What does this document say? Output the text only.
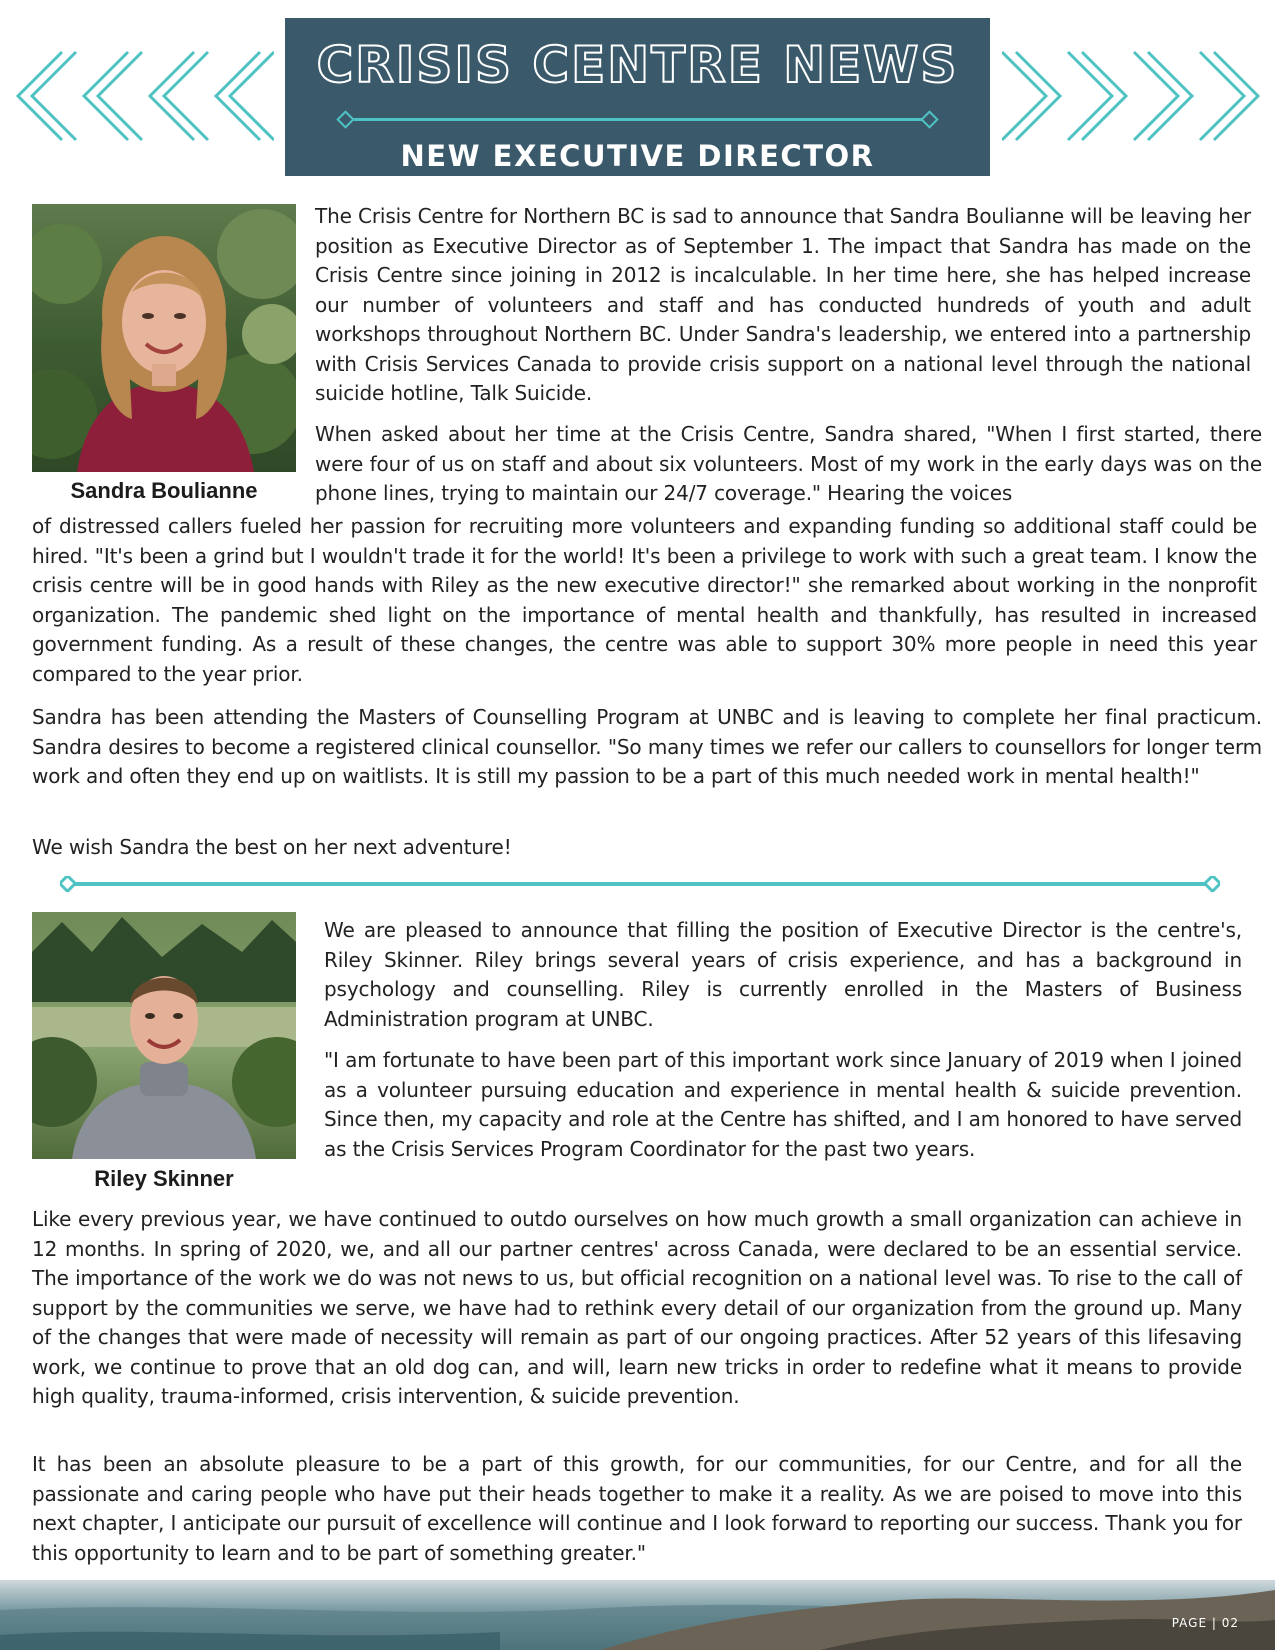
CRISIS CENTRE NEWS
NEW EXECUTIVE DIRECTOR
Sandra Boulianne

The Crisis Centre for Northern BC is sad to announce that Sandra Boulianne will be leaving her position as Executive Director as of September 1. The impact that Sandra has made on the Crisis Centre since joining in 2012 is incalculable. In her time here, she has helped increase our number of volunteers and staff and has conducted hundreds of youth and adult workshops throughout Northern BC. Under Sandra's leadership, we entered into a partnership with Crisis Services Canada to provide crisis support on a national level through the national suicide hotline, Talk Suicide.

When asked about her time at the Crisis Centre, Sandra shared, "When I first started, there were four of us on staff and about six volunteers. Most of my work in the early days was on the phone lines, trying to maintain our 24/7 coverage." Hearing the voices

of distressed callers fueled her passion for recruiting more volunteers and expanding funding so additional staff could be hired. "It's been a grind but I wouldn't trade it for the world! It's been a privilege to work with such a great team. I know the crisis centre will be in good hands with Riley as the new executive director!" she remarked about working in the nonprofit organization. The pandemic shed light on the importance of mental health and thankfully, has resulted in increased government funding. As a result of these changes, the centre was able to support 30% more people in need this year compared to the year prior.

Sandra has been attending the Masters of Counselling Program at UNBC and is leaving to complete her final practicum. Sandra desires to become a registered clinical counsellor. "So many times we refer our callers to counsellors for longer term work and often they end up on waitlists. It is still my passion to be a part of this much needed work in mental health!"

We wish Sandra the best on her next adventure!

Riley Skinner

We are pleased to announce that filling the position of Executive Director is the centre's, Riley Skinner. Riley brings several years of crisis experience, and has a background in psychology and counselling. Riley is currently enrolled in the Masters of Business Administration program at UNBC.

"I am fortunate to have been part of this important work since January of 2019 when I joined as a volunteer pursuing education and experience in mental health & suicide prevention. Since then, my capacity and role at the Centre has shifted, and I am honored to have served as the Crisis Services Program Coordinator for the past two years.

Like every previous year, we have continued to outdo ourselves on how much growth a small organization can achieve in 12 months. In spring of 2020, we, and all our partner centres' across Canada, were declared to be an essential service. The importance of the work we do was not news to us, but official recognition on a national level was. To rise to the call of support by the communities we serve, we have had to rethink every detail of our organization from the ground up. Many of the changes that were made of necessity will remain as part of our ongoing practices. After 52 years of this lifesaving work, we continue to prove that an old dog can, and will, learn new tricks in order to redefine what it means to provide high quality, trauma-informed, crisis intervention, & suicide prevention.

It has been an absolute pleasure to be a part of this growth, for our communities, for our Centre, and for all the passionate and caring people who have put their heads together to make it a reality. As we are poised to move into this next chapter, I anticipate our pursuit of excellence will continue and I look forward to reporting our success. Thank you for this opportunity to learn and to be part of something greater."

PAGE | 02
